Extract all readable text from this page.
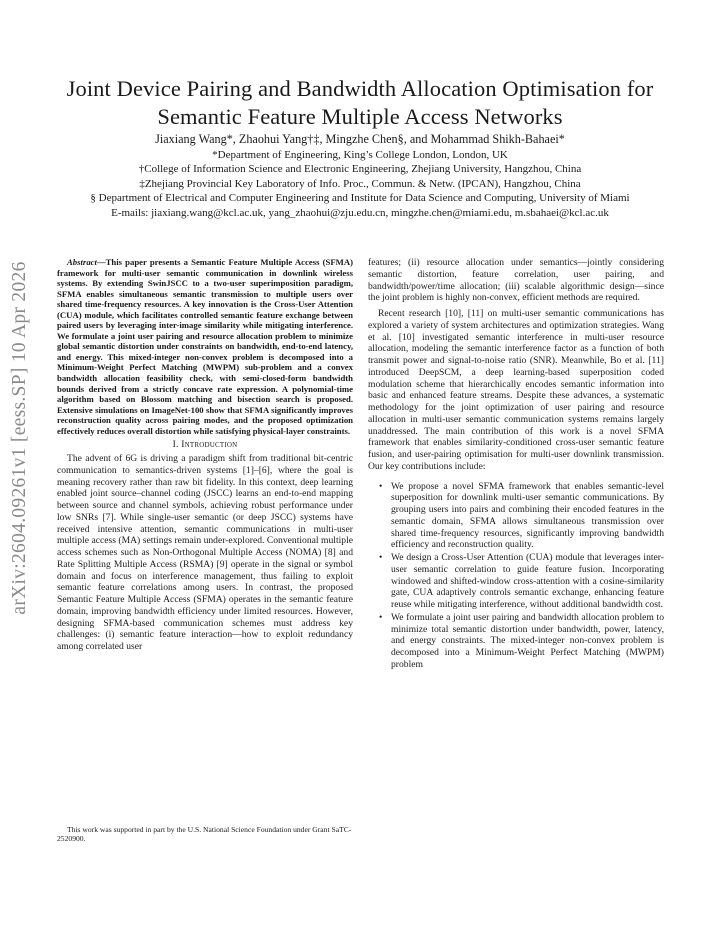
Joint Device Pairing and Bandwidth Allocation Optimisation for Semantic Feature Multiple Access Networks
Jiaxiang Wang*, Zhaohui Yang†‡, Mingzhe Chen§, and Mohammad Shikh-Bahaei*
*Department of Engineering, King’s College London, London, UK
†College of Information Science and Electronic Engineering, Zhejiang University, Hangzhou, China
‡Zhejiang Provincial Key Laboratory of Info. Proc., Commun. & Netw. (IPCAN), Hangzhou, China
§ Department of Electrical and Computer Engineering and Institute for Data Science and Computing, University of Miami
E-mails: jiaxiang.wang@kcl.ac.uk, yang_zhaohui@zju.edu.cn, mingzhe.chen@miami.edu, m.sbahaei@kcl.ac.uk
arXiv:2604.09261v1 [eess.SP] 10 Apr 2026	Abstract—This paper presents a Semantic Feature Multiple Access (SFMA) framework for multi-user semantic communication in downlink wireless systems. By extending SwinJSCC to a two-user superimposition paradigm, SFMA enables simultaneous semantic transmission to multiple users over shared time-frequency resources. A key innovation is the Cross-User Attention (CUA) module, which facilitates controlled semantic feature exchange between paired users by leveraging inter-image similarity while mitigating interference. We formulate a joint user pairing and resource allocation problem to minimize global semantic distortion under constraints on bandwidth, end-to-end latency, and energy. This mixed-integer non-convex problem is decomposed into a Minimum-Weight Perfect Matching (MWPM) sub-problem and a convex bandwidth allocation feasibility check, with semi-closed-form bandwidth bounds derived from a strictly concave rate expression. A polynomial-time algorithm based on Blossom matching and bisection search is proposed. Extensive simulations on ImageNet-100 show that SFMA significantly improves reconstruction quality across pairing modes, and the proposed optimization effectively reduces overall distortion while satisfying physical-layer constraints.

I. Introduction

The advent of 6G is driving a paradigm shift from traditional bit-centric communication to semantics-driven systems [1]–[6], where the goal is meaning recovery rather than raw bit fidelity. In this context, deep learning enabled joint source–channel coding (JSCC) learns an end-to-end mapping between source and channel symbols, achieving robust performance under low SNRs [7]. While single-user semantic (or deep JSCC) systems have received intensive attention, semantic communications in multi-user multiple access (MA) settings remain under-explored. Conventional multiple access schemes such as Non-Orthogonal Multiple Access (NOMA) [8] and Rate Splitting Multiple Access (RSMA) [9] operate in the signal or symbol domain and focus on interference management, thus failing to exploit semantic feature correlations among users. In contrast, the proposed Semantic Feature Multiple Access (SFMA) operates in the semantic feature domain, improving bandwidth efficiency under limited resources. However, designing SFMA-based communication schemes must address key challenges: (i) semantic feature interaction—how to exploit redundancy among correlated user

features; (ii) resource allocation under semantics—jointly considering semantic distortion, feature correlation, user pairing, and bandwidth/power/time allocation; (iii) scalable algorithmic design—since the joint problem is highly non-convex, efficient methods are required.

Recent research [10], [11] on multi-user semantic communications has explored a variety of system architectures and optimization strategies. Wang et al. [10] investigated semantic interference in multi-user resource allocation, modeling the semantic interference factor as a function of both transmit power and signal-to-noise ratio (SNR). Meanwhile, Bo et al. [11] introduced DeepSCM, a deep learning-based superposition coded modulation scheme that hierarchically encodes semantic information into basic and enhanced feature streams. Despite these advances, a systematic methodology for the joint optimization of user pairing and resource allocation in multi-user semantic communication systems remains largely unaddressed. The main contribution of this work is a novel SFMA framework that enables similarity-conditioned cross-user semantic feature fusion, and user-pairing optimisation for multi-user downlink transmission. Our key contributions include:

• We propose a novel SFMA framework that enables semantic-level superposition for downlink multi-user semantic communications. By grouping users into pairs and combining their encoded features in the semantic domain, SFMA allows simultaneous transmission over shared time-frequency resources, significantly improving bandwidth efficiency and reconstruction quality.
• We design a Cross-User Attention (CUA) module that leverages inter-user semantic correlation to guide feature fusion. Incorporating windowed and shifted-window cross-attention with a cosine-similarity gate, CUA adaptively controls semantic exchange, enhancing feature reuse while mitigating interference, without additional bandwidth cost.
• We formulate a joint user pairing and bandwidth allocation problem to minimize total semantic distortion under bandwidth, power, latency, and energy constraints. The mixed-integer non-convex problem is decomposed into a Minimum-Weight Perfect Matching (MWPM) problem

This work was supported in part by the U.S. National Science Foundation under Grant SaTC-2520900.
